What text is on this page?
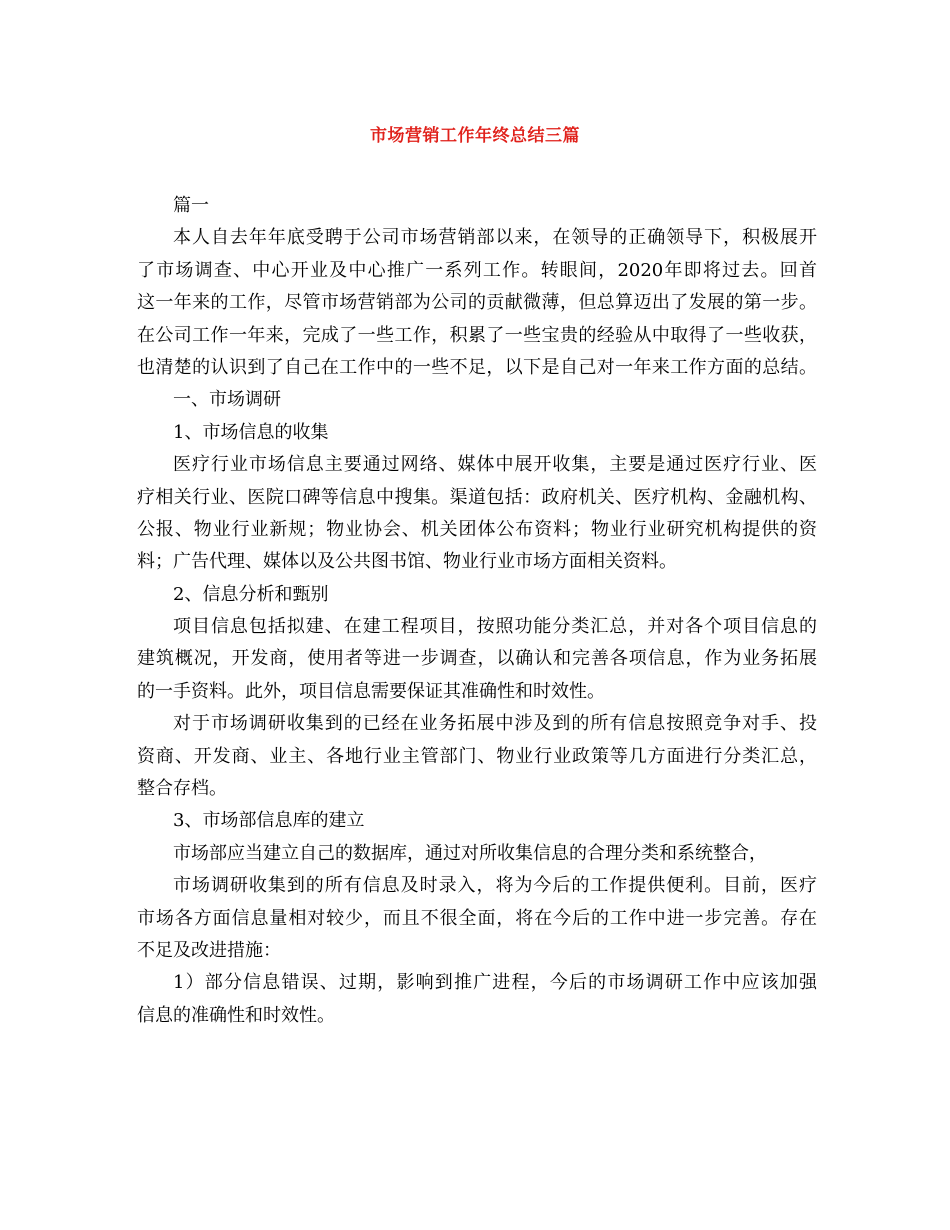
市场营销工作年终总结三篇
篇一
本人自去年年底受聘于公司市场营销部以来，在领导的正确领导下，积极展开
了市场调查、中心开业及中心推广一系列工作。转眼间，2020年即将过去。回首
这一年来的工作，尽管市场营销部为公司的贡献微薄，但总算迈出了发展的第一步。
在公司工作一年来，完成了一些工作，积累了一些宝贵的经验从中取得了一些收获，
也清楚的认识到了自己在工作中的一些不足，以下是自己对一年来工作方面的总结。
一、市场调研
1、市场信息的收集
医疗行业市场信息主要通过网络、媒体中展开收集，主要是通过医疗行业、医
疗相关行业、医院口碑等信息中搜集。渠道包括：政府机关、医疗机构、金融机构、
公报、物业行业新规；物业协会、机关团体公布资料；物业行业研究机构提供的资
料；广告代理、媒体以及公共图书馆、物业行业市场方面相关资料。
2、信息分析和甄别
项目信息包括拟建、在建工程项目，按照功能分类汇总，并对各个项目信息的
建筑概况，开发商，使用者等进一步调查，以确认和完善各项信息，作为业务拓展
的一手资料。此外，项目信息需要保证其准确性和时效性。
对于市场调研收集到的已经在业务拓展中涉及到的所有信息按照竞争对手、投
资商、开发商、业主、各地行业主管部门、物业行业政策等几方面进行分类汇总，
整合存档。
3、市场部信息库的建立
市场部应当建立自己的数据库，通过对所收集信息的合理分类和系统整合，
市场调研收集到的所有信息及时录入，将为今后的工作提供便利。目前，医疗
市场各方面信息量相对较少，而且不很全面，将在今后的工作中进一步完善。存在
不足及改进措施：
1）部分信息错误、过期，影响到推广进程，今后的市场调研工作中应该加强
信息的准确性和时效性。
